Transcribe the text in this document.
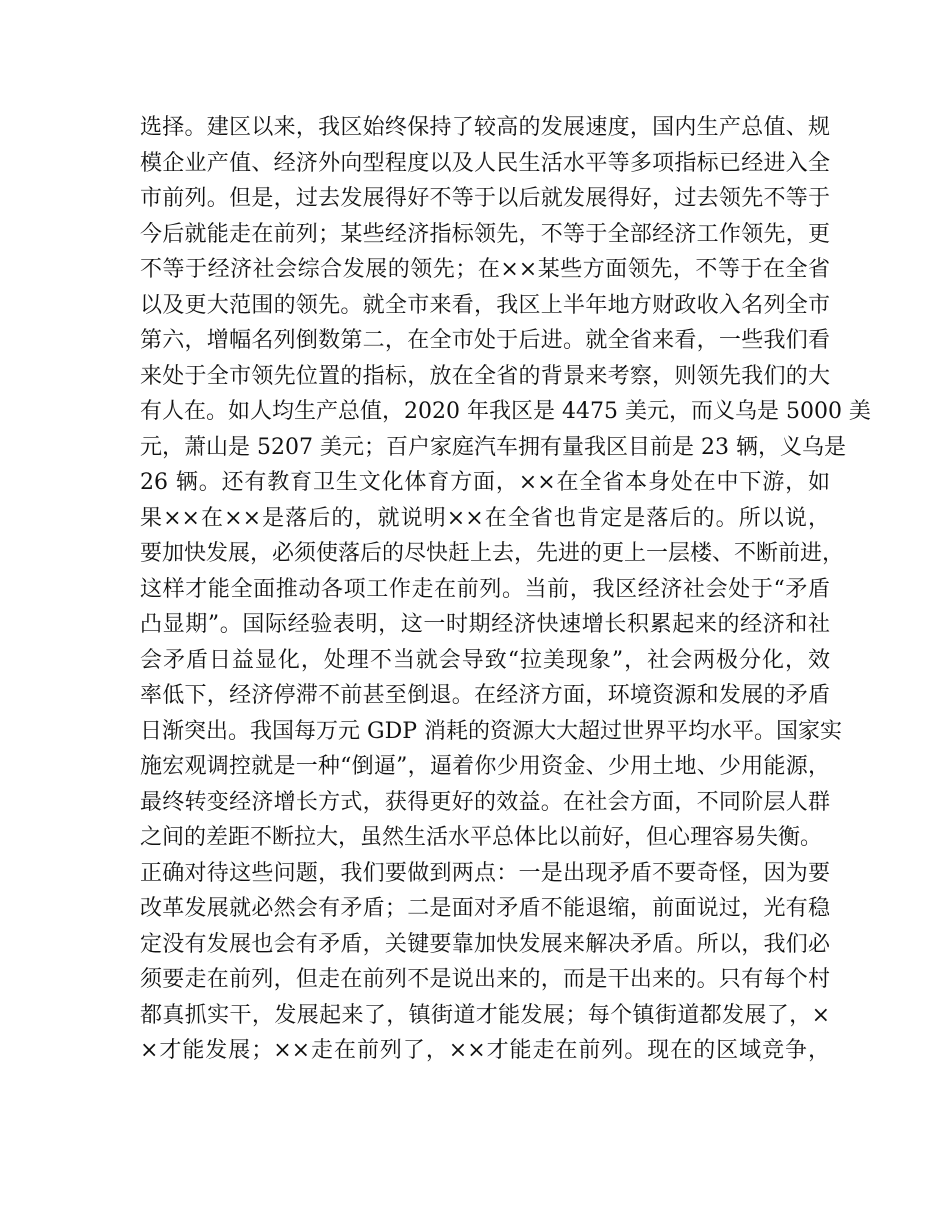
选择。建区以来，我区始终保持了较高的发展速度，国内生产总值、规
模企业产值、经济外向型程度以及人民生活水平等多项指标已经进入全
市前列。但是，过去发展得好不等于以后就发展得好，过去领先不等于
今后就能走在前列；某些经济指标领先，不等于全部经济工作领先，更
不等于经济社会综合发展的领先；在××某些方面领先，不等于在全省
以及更大范围的领先。就全市来看，我区上半年地方财政收入名列全市
第六，增幅名列倒数第二，在全市处于后进。就全省来看，一些我们看
来处于全市领先位置的指标，放在全省的背景来考察，则领先我们的大
有人在。如人均生产总值，2020 年我区是 4475 美元，而义乌是 5000 美
元，萧山是 5207 美元；百户家庭汽车拥有量我区目前是 23 辆，义乌是
26 辆。还有教育卫生文化体育方面，××在全省本身处在中下游，如
果××在××是落后的，就说明××在全省也肯定是落后的。所以说，
要加快发展，必须使落后的尽快赶上去，先进的更上一层楼、不断前进，
这样才能全面推动各项工作走在前列。当前，我区经济社会处于“矛盾
凸显期”。国际经验表明，这一时期经济快速增长积累起来的经济和社
会矛盾日益显化，处理不当就会导致“拉美现象”，社会两极分化，效
率低下，经济停滞不前甚至倒退。在经济方面，环境资源和发展的矛盾
日渐突出。我国每万元 GDP 消耗的资源大大超过世界平均水平。国家实
施宏观调控就是一种“倒逼”，逼着你少用资金、少用土地、少用能源，
最终转变经济增长方式，获得更好的效益。在社会方面，不同阶层人群
之间的差距不断拉大，虽然生活水平总体比以前好，但心理容易失衡。
正确对待这些问题，我们要做到两点：一是出现矛盾不要奇怪，因为要
改革发展就必然会有矛盾；二是面对矛盾不能退缩，前面说过，光有稳
定没有发展也会有矛盾，关键要靠加快发展来解决矛盾。所以，我们必
须要走在前列，但走在前列不是说出来的，而是干出来的。只有每个村
都真抓实干，发展起来了，镇街道才能发展；每个镇街道都发展了，×
×才能发展；××走在前列了，××才能走在前列。现在的区域竞争，
